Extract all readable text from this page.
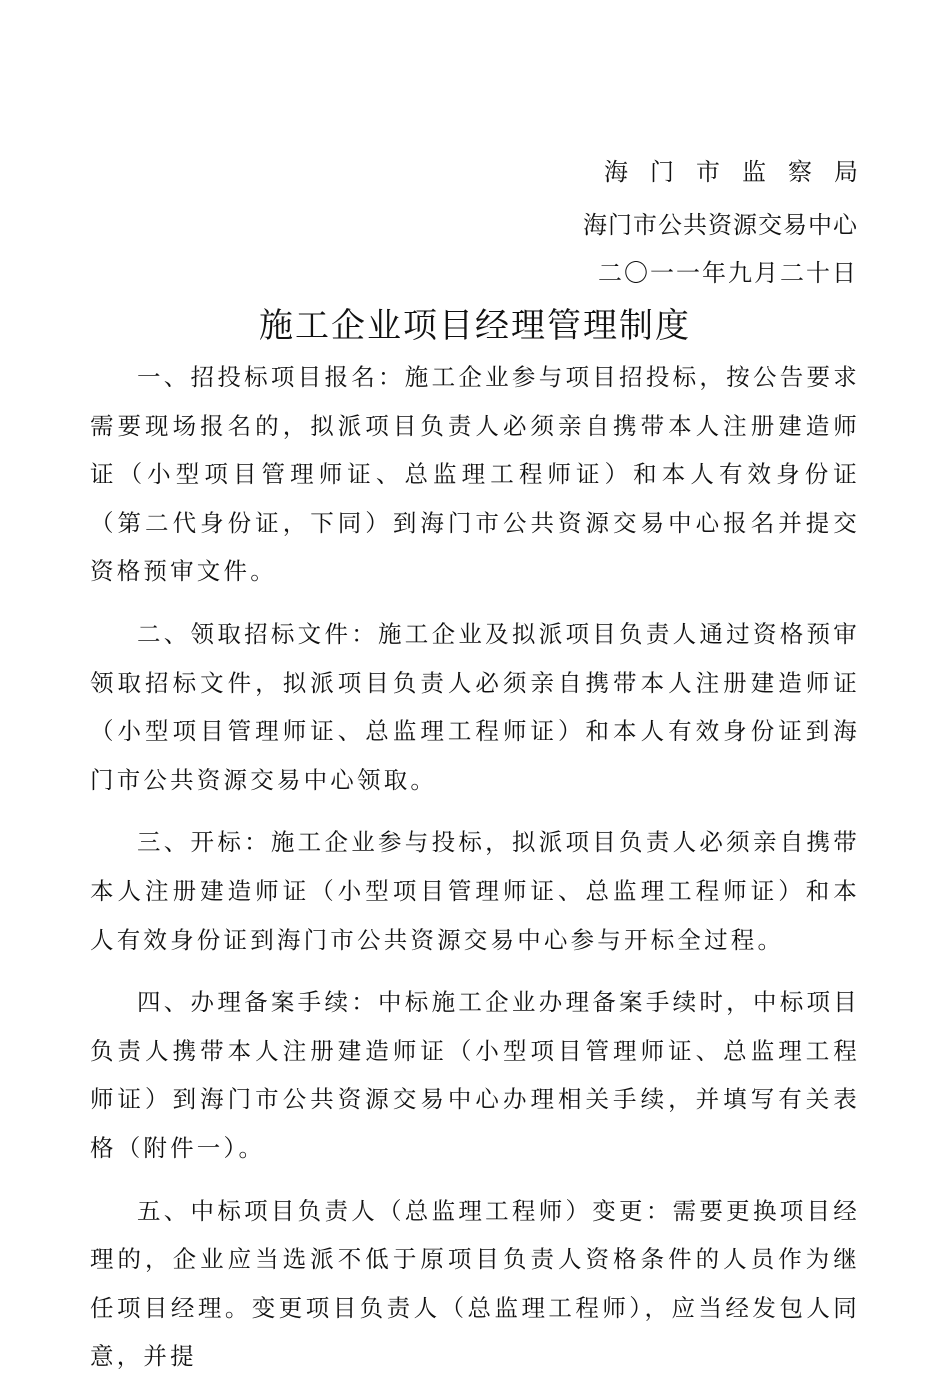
海门市监察局
海门市公共资源交易中心
二〇一一年九月二十日
施工企业项目经理管理制度

一、招投标项目报名：施工企业参与项目招投标，按公告要求需要现场报名的，拟派项目负责人必须亲自携带本人注册建造师证（小型项目管理师证、总监理工程师证）和本人有效身份证（第二代身份证，下同）到海门市公共资源交易中心报名并提交资格预审文件。

二、领取招标文件：施工企业及拟派项目负责人通过资格预审领取招标文件，拟派项目负责人必须亲自携带本人注册建造师证（小型项目管理师证、总监理工程师证）和本人有效身份证到海门市公共资源交易中心领取。

三、开标：施工企业参与投标，拟派项目负责人必须亲自携带本人注册建造师证（小型项目管理师证、总监理工程师证）和本人有效身份证到海门市公共资源交易中心参与开标全过程。

四、办理备案手续：中标施工企业办理备案手续时，中标项目负责人携带本人注册建造师证（小型项目管理师证、总监理工程师证）到海门市公共资源交易中心办理相关手续，并填写有关表格（附件一）。

五、中标项目负责人（总监理工程师）变更：需要更换项目经理的，企业应当选派不低于原项目负责人资格条件的人员作为继任项目经理。变更项目负责人（总监理工程师），应当经发包人同意，并提
